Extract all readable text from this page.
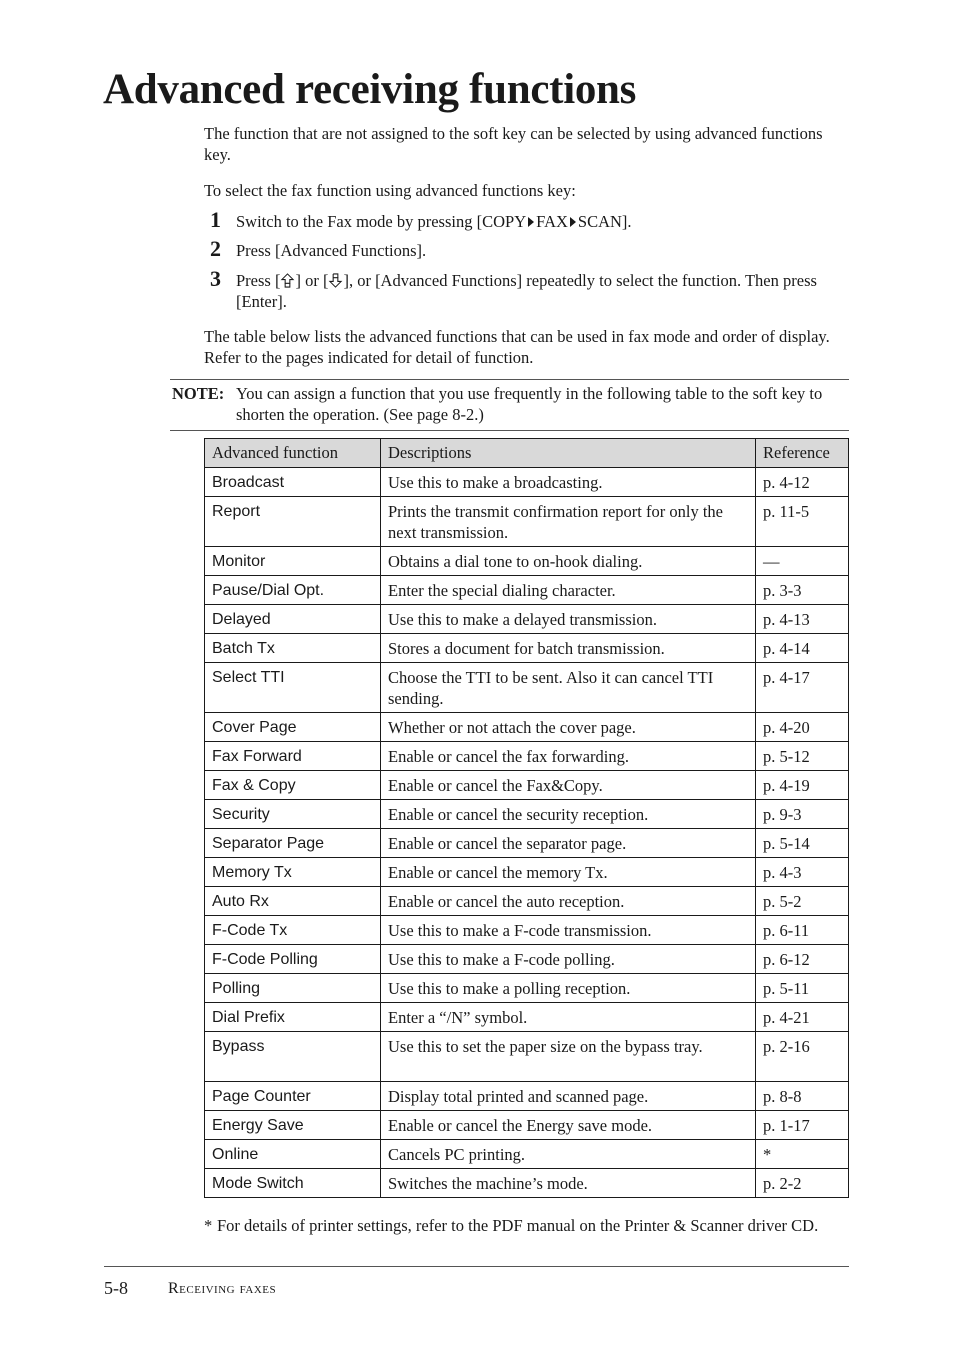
Advanced receiving functions

The function that are not assigned to the soft key can be selected by using advanced functions key.

To select the fax function using advanced functions key:

1 Switch to the Fax mode by pressing [COPY FAX SCAN].
2 Press [Advanced Functions].
3 Press [ ] or [ ], or [Advanced Functions] repeatedly to select the function. Then press [Enter].

The table below lists the advanced functions that can be used in fax mode and order of display. Refer to the pages indicated for detail of function.

NOTE: You can assign a function that you use frequently in the following table to the soft key to shorten the operation. (See page 8-2.)
Advanced function	Descriptions	Reference
Broadcast	Use this to make a broadcasting.	p. 4-12
Report	Prints the transmit confirmation report for only the next transmission.	p. 11-5
Monitor	Obtains a dial tone to on-hook dialing.	—
Pause/Dial Opt.	Enter the special dialing character.	p. 3-3
Delayed	Use this to make a delayed transmission.	p. 4-13
Batch Tx	Stores a document for batch transmission.	p. 4-14
Select TTI	Choose the TTI to be sent. Also it can cancel TTI sending.	p. 4-17
Cover Page	Whether or not attach the cover page.	p. 4-20
Fax Forward	Enable or cancel the fax forwarding.	p. 5-12
Fax & Copy	Enable or cancel the Fax&Copy.	p. 4-19
Security	Enable or cancel the security reception.	p. 9-3
Separator Page	Enable or cancel the separator page.	p. 5-14
Memory Tx	Enable or cancel the memory Tx.	p. 4-3
Auto Rx	Enable or cancel the auto reception.	p. 5-2
F-Code Tx	Use this to make a F-code transmission.	p. 6-11
F-Code Polling	Use this to make a F-code polling.	p. 6-12
Polling	Use this to make a polling reception.	p. 5-11
Dial Prefix	Enter a “/N” symbol.	p. 4-21
Bypass	Use this to set the paper size on the bypass tray.	p. 2-16
Page Counter	Display total printed and scanned page.	p. 8-8
Energy Save	Enable or cancel the Energy save mode.	p. 1-17
Online	Cancels PC printing.	*
Mode Switch	Switches the machine’s mode.	p. 2-2
* For details of printer settings, refer to the PDF manual on the Printer & Scanner driver CD.
5-8	Receiving faxes
